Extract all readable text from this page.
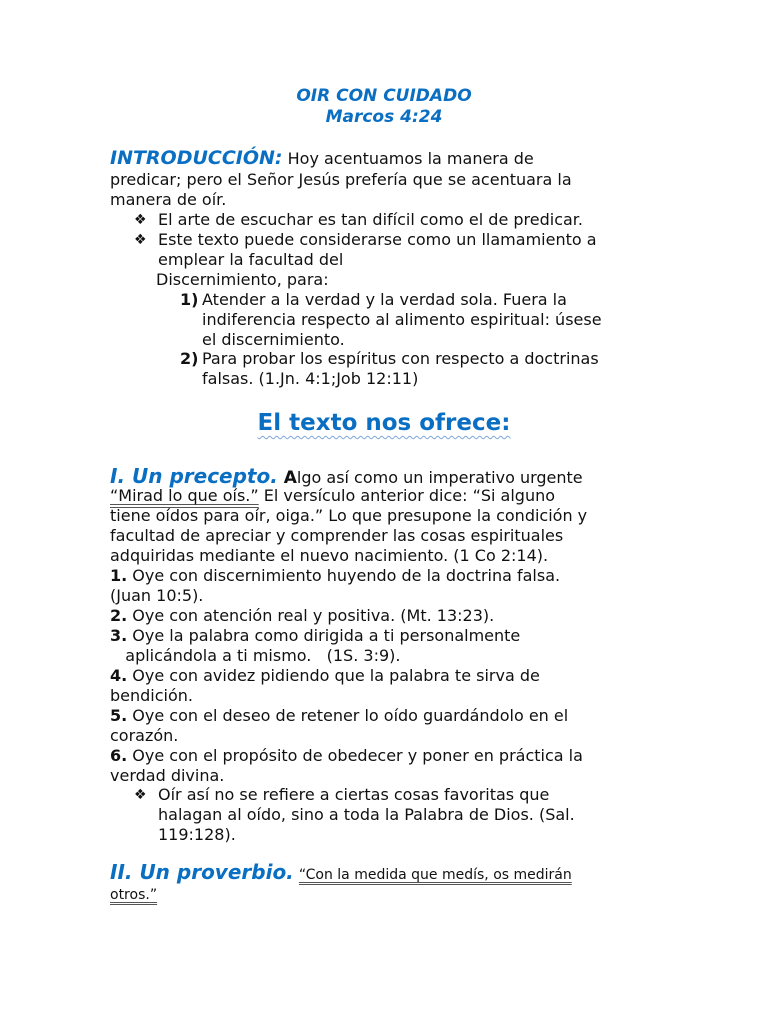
OIR CON CUIDADO
Marcos 4:24
INTRODUCCIÓN: Hoy acentuamos la manera de
predicar; pero el Señor Jesús prefería que se acentuara la
manera de oír.
❖ El arte de escuchar es tan difícil como el de predicar.
❖ Este texto puede considerarse como un llamamiento a
emplear la facultad del
Discernimiento, para:
1) Atender a la verdad y la verdad sola. Fuera la
indiferencia respecto al alimento espiritual: úsese
el discernimiento.
2) Para probar los espíritus con respecto a doctrinas
falsas. (1.Jn. 4:1;Job 12:11)
El texto nos ofrece:
I. Un precepto. Algo así como un imperativo urgente
“Mirad lo que oís.” El versículo anterior dice: “Si alguno
tiene oídos para oír, oiga.” Lo que presupone la condición y
facultad de apreciar y comprender las cosas espirituales
adquiridas mediante el nuevo nacimiento. (1 Co 2:14).
1. Oye con discernimiento huyendo de la doctrina falsa.
(Juan 10:5).
2. Oye con atención real y positiva. (Mt. 13:23).
3. Oye la palabra como dirigida a ti personalmente
aplicándola a ti mismo.   (1S. 3:9).
4. Oye con avidez pidiendo que la palabra te sirva de
bendición.
5. Oye con el deseo de retener lo oído guardándolo en el
corazón.
6. Oye con el propósito de obedecer y poner en práctica la
verdad divina.
❖ Oír así no se refiere a ciertas cosas favoritas que
halagan al oído, sino a toda la Palabra de Dios. (Sal.
119:128).
II. Un proverbio. “Con la medida que medís, os medirán
otros.”
